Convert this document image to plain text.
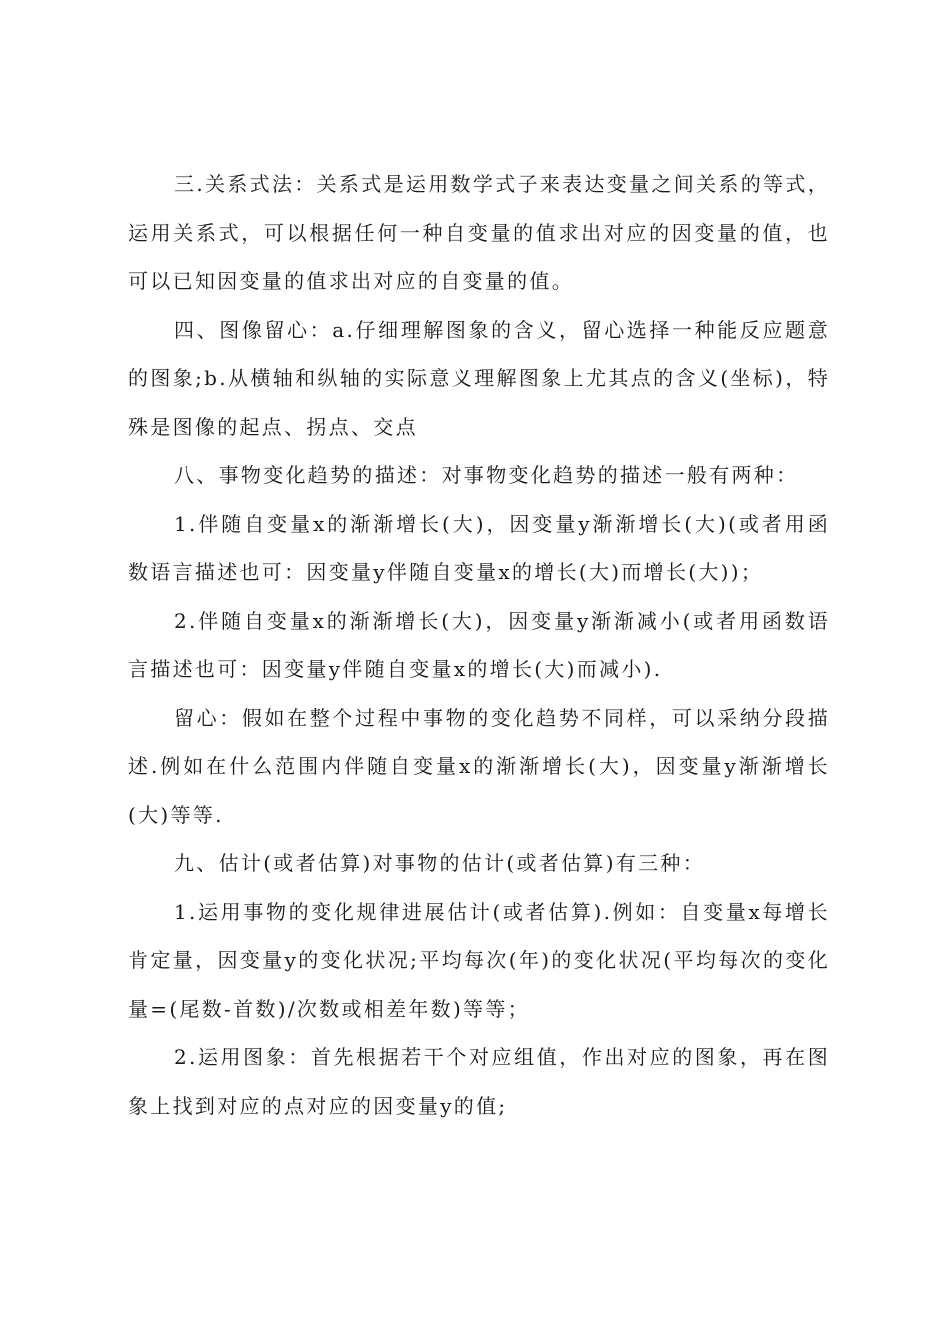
三.关系式法：关系式是运用数学式子来表达变量之间关系的等式，运用关系式，可以根据任何一种自变量的值求出对应的因变量的值，也可以已知因变量的值求出对应的自变量的值。

四、图像留心：a.仔细理解图象的含义，留心选择一种能反应题意的图象;b.从横轴和纵轴的实际意义理解图象上尤其点的含义(坐标)，特殊是图像的起点、拐点、交点

八、事物变化趋势的描述：对事物变化趋势的描述一般有两种：

1.伴随自变量x的渐渐增长(大)，因变量y渐渐增长(大)(或者用函数语言描述也可：因变量y伴随自变量x的增长(大)而增长(大))；

2.伴随自变量x的渐渐增长(大)，因变量y渐渐减小(或者用函数语言描述也可：因变量y伴随自变量x的增长(大)而减小).

留心：假如在整个过程中事物的变化趋势不同样，可以采纳分段描述.例如在什么范围内伴随自变量x的渐渐增长(大)，因变量y渐渐增长(大)等等.

九、估计(或者估算)对事物的估计(或者估算)有三种：

1.运用事物的变化规律进展估计(或者估算).例如：自变量x每增长肯定量，因变量y的变化状况;平均每次(年)的变化状况(平均每次的变化量=(尾数-首数)/次数或相差年数)等等；

2.运用图象：首先根据若干个对应组值，作出对应的图象，再在图象上找到对应的点对应的因变量y的值;
